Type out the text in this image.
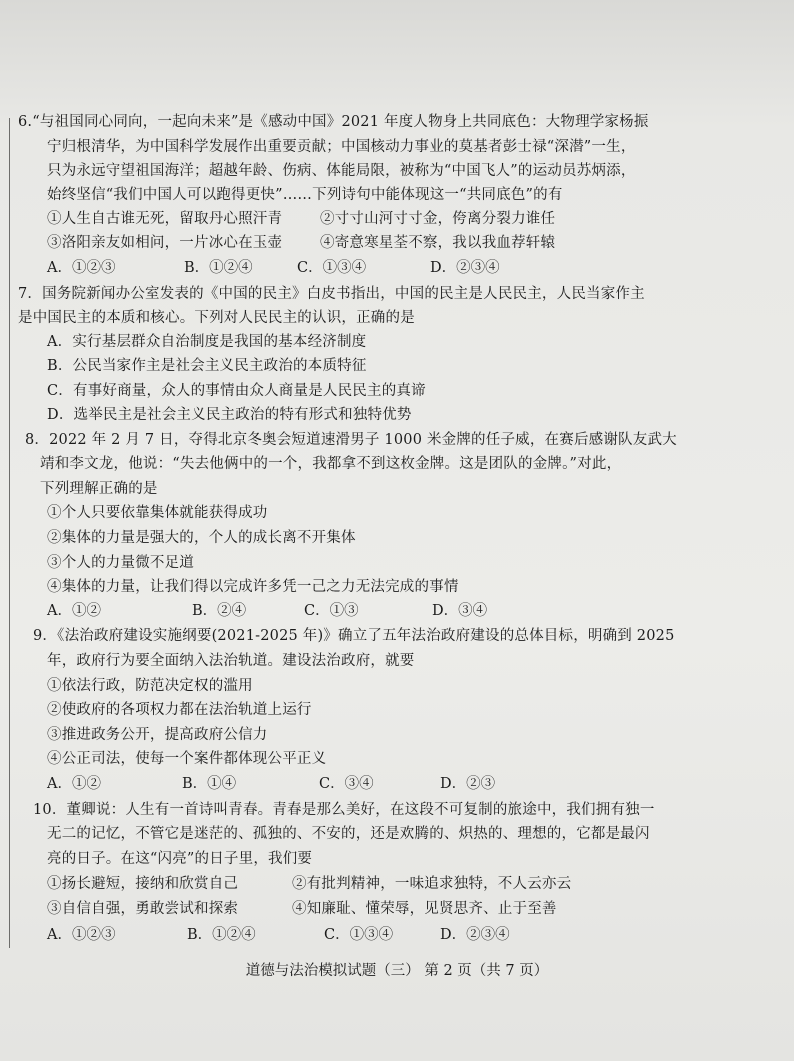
6.“与祖国同心同向，一起向未来”是《感动中国》2021 年度人物身上共同底色：大物理学家杨振
宁归根清华，为中国科学发展作出重要贡献；中国核动力事业的莫基者彭士禄“深潜”一生，
只为永远守望祖国海洋；超越年龄、伤病、体能局限，被称为“中国飞人”的运动员苏炳添，
始终坚信“我们中国人可以跑得更快”……下列诗句中能体现这一“共同底色”的有
①人生自古谁无死，留取丹心照汗青	②寸寸山河寸寸金，侉离分裂力谁任
③洛阳亲友如相问，一片冰心在玉壶	④寄意寒星荃不察，我以我血荐轩辕

A．①②③

	B．①②④

	C．①③④

	D．②③④

7．国务院新闻办公室发表的《中国的民主》白皮书指出，中国的民主是人民民主，人民当家作主
是中国民主的本质和核心。下列对人民民主的认识，正确的是
A．实行基层群众自治制度是我国的基本经济制度
B．公民当家作主是社会主义民主政治的本质特征
C．有事好商量，众人的事情由众人商量是人民民主的真谛
D．选举民主是社会主义民主政治的特有形式和独特优势
8．2022 年 2 月 7 日，夺得北京冬奥会短道速滑男子 1000 米金牌的任子威，在赛后感谢队友武大
靖和李文龙，他说：“失去他俩中的一个，我都拿不到这枚金牌。这是团队的金牌。”对此，
下列理解正确的是
①个人只要依靠集体就能获得成功
②集体的力量是强大的，个人的成长离不开集体
③个人的力量微不足道
④集体的力量，让我们得以完成许多凭一己之力无法完成的事情

A．①②

	B．②④

	C．①③

	D．③④

9．《法治政府建设实施纲要(2021-2025 年)》确立了五年法治政府建设的总体目标，明确到 2025
年，政府行为要全面纳入法治轨道。建设法治政府，就要
①依法行政，防范决定权的滥用
②使政府的各项权力都在法治轨道上运行
③推进政务公开，提高政府公信力
④公正司法，使每一个案件都体现公平正义

A．①②

	B．①④

	C．③④

	D．②③

10．董卿说：人生有一首诗叫青春。青春是那么美好，在这段不可复制的旅途中，我们拥有独一
无二的记忆，不管它是迷茫的、孤独的、不安的，还是欢腾的、炽热的、理想的，它都是最闪
亮的日子。在这“闪亮”的日子里，我们要
①扬长避短，接纳和欣赏自己	②有批判精神，一味追求独特，不人云亦云
③自信自强，勇敢尝试和探索	④知廉耻、懂荣辱，见贤思齐、止于至善

A．①②③

	B．①②④

	C．①③④

	D．②③④

道德与法治模拟试题（三） 第 2 页（共 7 页）
